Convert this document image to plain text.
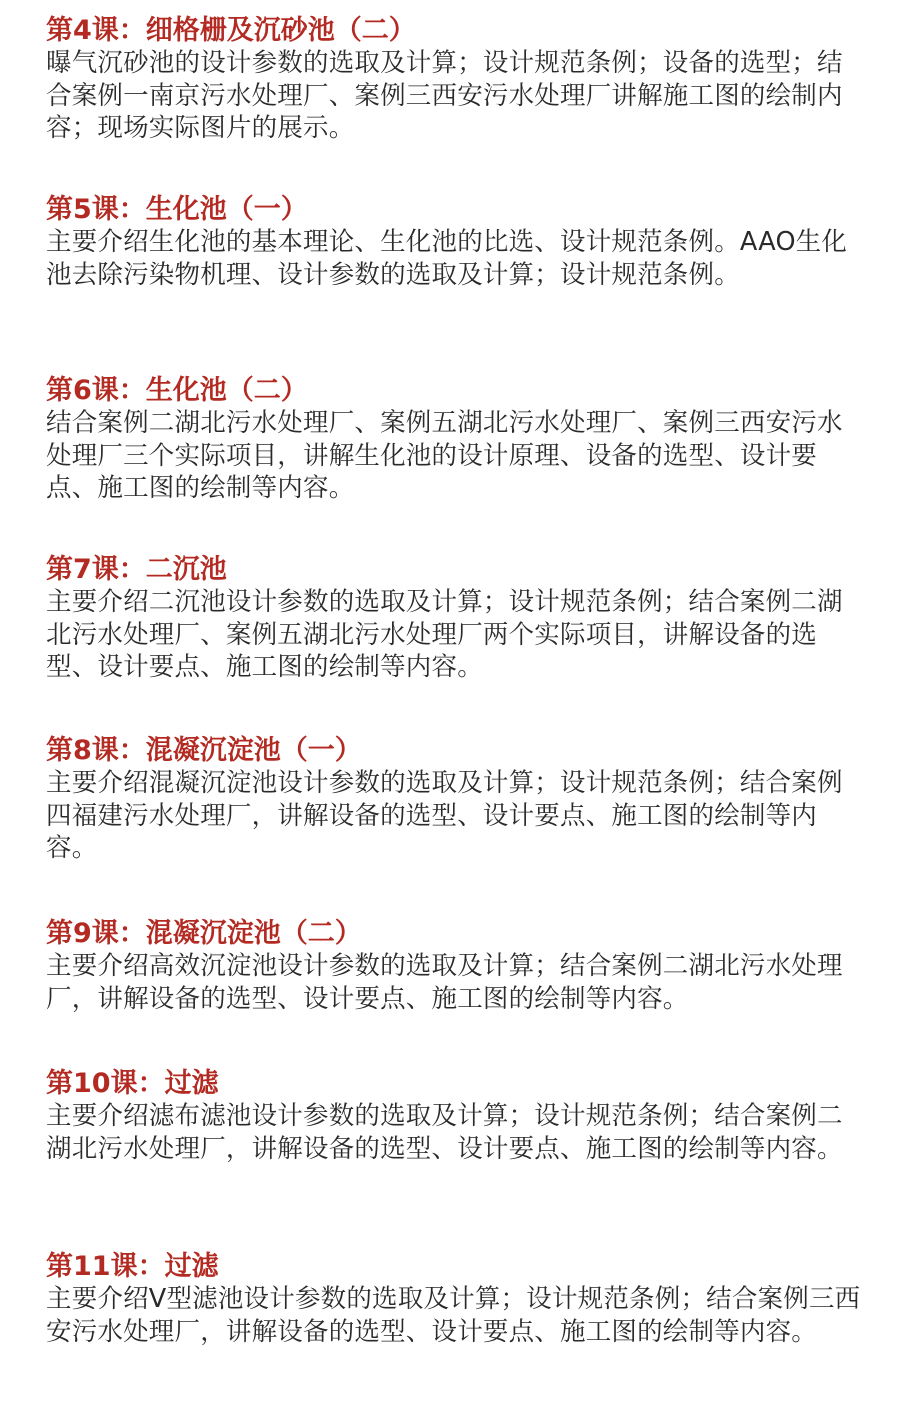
第4课：细格栅及沉砂池（二）
曝气沉砂池的设计参数的选取及计算；设计规范条例；设备的选型；结合案例一南京污水处理厂、案例三西安污水处理厂讲解施工图的绘制内容；现场实际图片的展示。
第5课：生化池（一）
主要介绍生化池的基本理论、生化池的比选、设计规范条例。AAO生化池去除污染物机理、设计参数的选取及计算；设计规范条例。
第6课：生化池（二）
结合案例二湖北污水处理厂、案例五湖北污水处理厂、案例三西安污水处理厂三个实际项目，讲解生化池的设计原理、设备的选型、设计要点、施工图的绘制等内容。
第7课：二沉池
主要介绍二沉池设计参数的选取及计算；设计规范条例；结合案例二湖北污水处理厂、案例五湖北污水处理厂两个实际项目，讲解设备的选型、设计要点、施工图的绘制等内容。
第8课：混凝沉淀池（一）
主要介绍混凝沉淀池设计参数的选取及计算；设计规范条例；结合案例四福建污水处理厂，讲解设备的选型、设计要点、施工图的绘制等内容。
第9课：混凝沉淀池（二）
主要介绍高效沉淀池设计参数的选取及计算；结合案例二湖北污水处理厂，讲解设备的选型、设计要点、施工图的绘制等内容。
第10课：过滤
主要介绍滤布滤池设计参数的选取及计算；设计规范条例；结合案例二湖北污水处理厂，讲解设备的选型、设计要点、施工图的绘制等内容。
第11课：过滤
主要介绍V型滤池设计参数的选取及计算；设计规范条例；结合案例三西安污水处理厂，讲解设备的选型、设计要点、施工图的绘制等内容。
